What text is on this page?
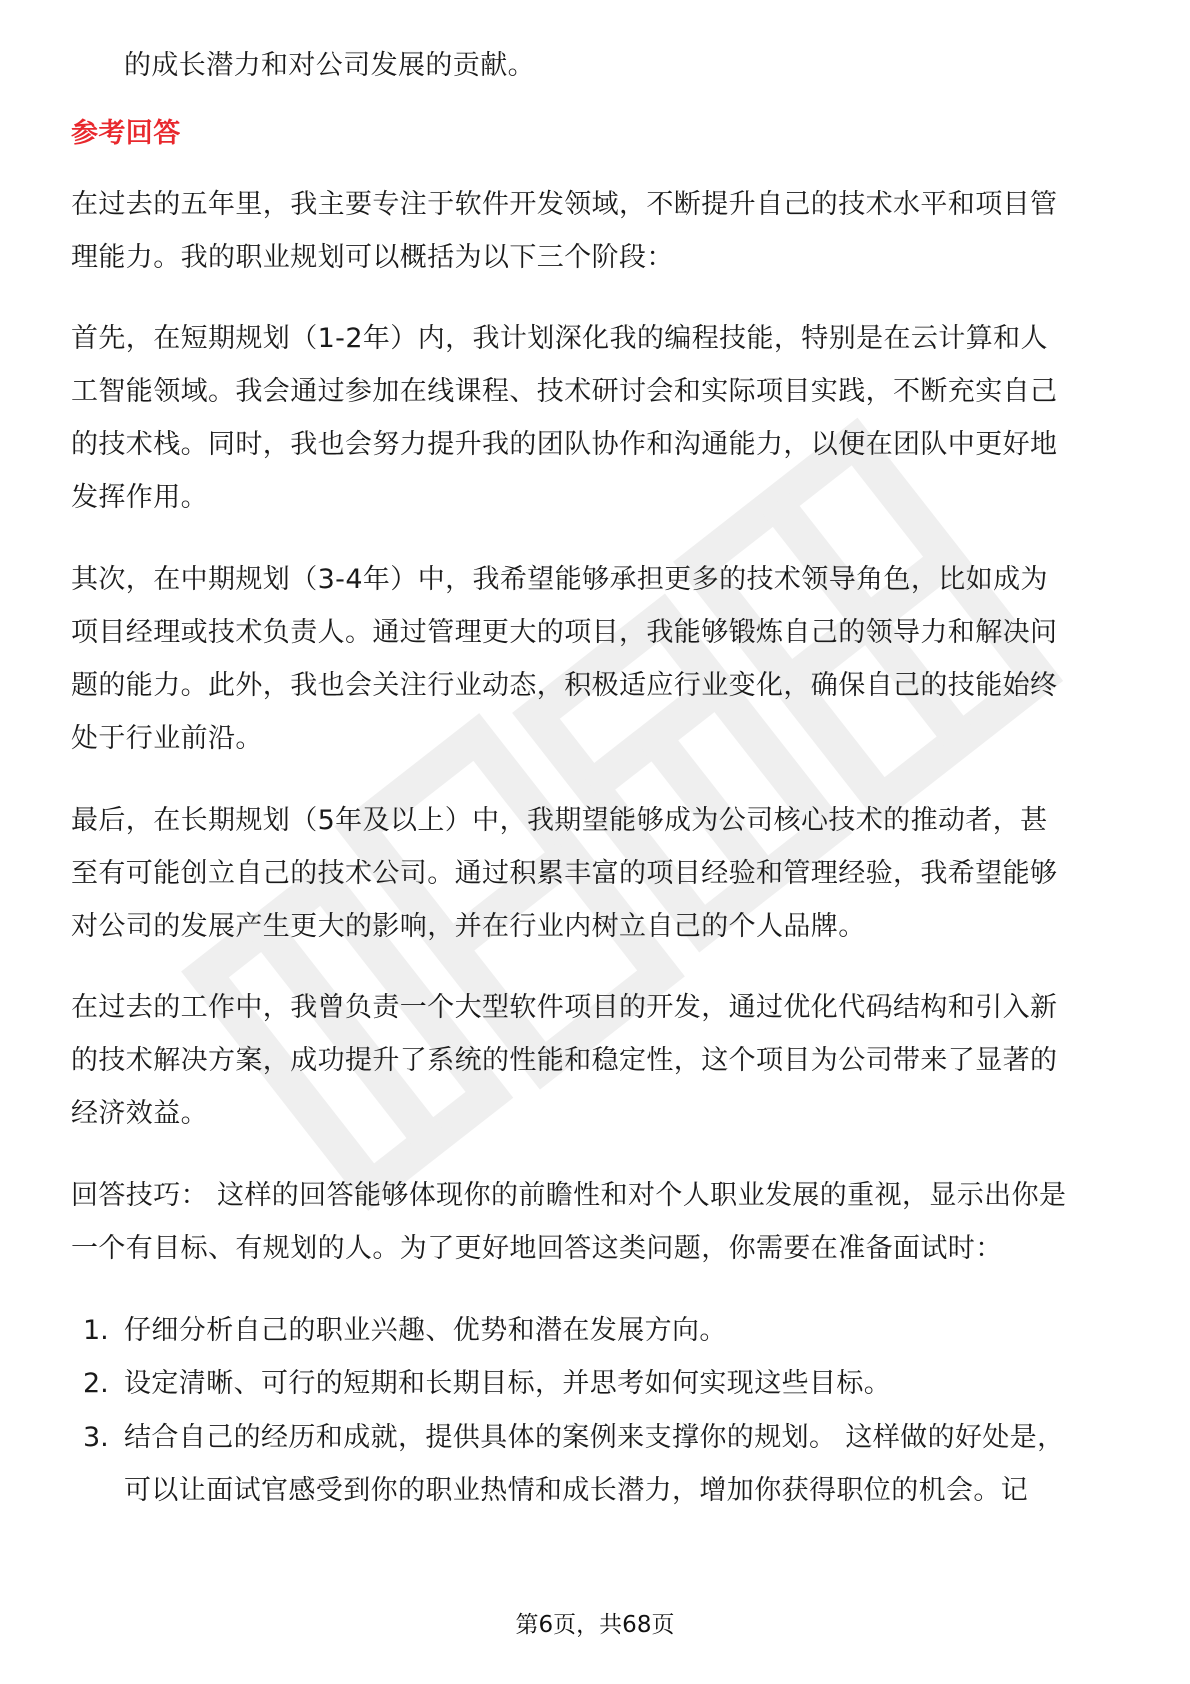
的成长潜力和对公司发展的贡献。
参考回答
在过去的五年里，我主要专注于软件开发领域，不断提升自己的技术水平和项目管
理能力。我的职业规划可以概括为以下三个阶段：
首先，在短期规划（1-2年）内，我计划深化我的编程技能，特别是在云计算和人
工智能领域。我会通过参加在线课程、技术研讨会和实际项目实践，不断充实自己
的技术栈。同时，我也会努力提升我的团队协作和沟通能力，以便在团队中更好地
发挥作用。
其次，在中期规划（3-4年）中，我希望能够承担更多的技术领导角色，比如成为
项目经理或技术负责人。通过管理更大的项目，我能够锻炼自己的领导力和解决问
题的能力。此外，我也会关注行业动态，积极适应行业变化，确保自己的技能始终
处于行业前沿。
最后，在长期规划（5年及以上）中，我期望能够成为公司核心技术的推动者，甚
至有可能创立自己的技术公司。通过积累丰富的项目经验和管理经验，我希望能够
对公司的发展产生更大的影响，并在行业内树立自己的个人品牌。
在过去的工作中，我曾负责一个大型软件项目的开发，通过优化代码结构和引入新
的技术解决方案，成功提升了系统的性能和稳定性，这个项目为公司带来了显著的
经济效益。
回答技巧： 这样的回答能够体现你的前瞻性和对个人职业发展的重视，显示出你是
一个有目标、有规划的人。为了更好地回答这类问题，你需要在准备面试时：
1. 仔细分析自己的职业兴趣、优势和潜在发展方向。
2. 设定清晰、可行的短期和长期目标，并思考如何实现这些目标。
3. 结合自己的经历和成就，提供具体的案例来支撑你的规划。 这样做的好处是，
可以让面试官感受到你的职业热情和成长潜力，增加你获得职位的机会。记
第6页，共68页
